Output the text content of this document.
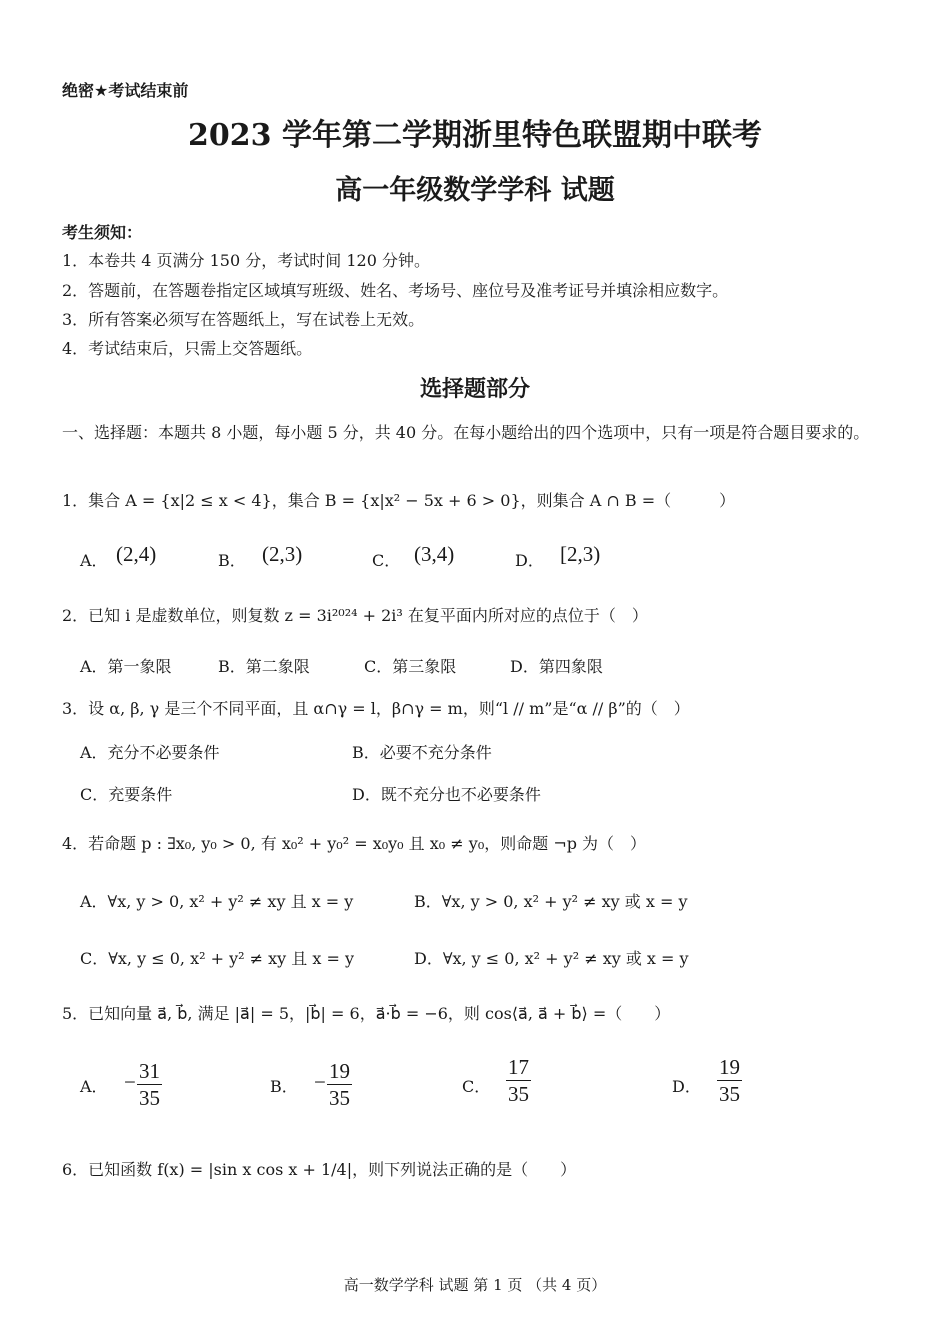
绝密★考试结束前
2023 学年第二学期浙里特色联盟期中联考
高一年级数学学科 试题
考生须知：
1．本卷共 4 页满分 150 分，考试时间 120 分钟。
2．答题前，在答题卷指定区域填写班级、姓名、考场号、座位号及准考证号并填涂相应数字。
3．所有答案必须写在答题纸上，写在试卷上无效。
4．考试结束后，只需上交答题纸。
选择题部分
一、选择题：本题共 8 小题，每小题 5 分，共 40 分。在每小题给出的四个选项中，只有一项是符合题目要求的。
1．集合 A = {x|2 ≤ x < 4}，集合 B = {x|x² − 5x + 6 > 0}，则集合 A ∩ B =（　　　）
A． (2,4)	B． (2,3)	C． (3,4)	D． [2,3)
2．已知 i 是虚数单位，则复数 z = 3i²⁰²⁴ + 2i³ 在复平面内所对应的点位于（　）
A．第一象限	B．第二象限	C．第三象限	D．第四象限
3．设 α, β, γ 是三个不同平面，且 α∩γ = l，β∩γ = m，则“l // m”是“α // β”的（　）
A．充分不必要条件	B．必要不充分条件
C．充要条件	D．既不充分也不必要条件
4．若命题 p : ∃x₀, y₀ > 0, 有 x₀² + y₀² = x₀y₀ 且 x₀ ≠ y₀，则命题 ¬p 为（　）
A．∀x, y > 0, x² + y² ≠ xy 且 x = y	B．∀x, y > 0, x² + y² ≠ xy 或 x = y
C．∀x, y ≤ 0, x² + y² ≠ xy 且 x = y	D．∀x, y ≤ 0, x² + y² ≠ xy 或 x = y
5．已知向量 a⃗, b⃗, 满足 |a⃗| = 5，|b⃗| = 6，a⃗·b⃗ = −6，则 cos⟨a⃗, a⃗ + b⃗⟩ =（　　）
A． − $\frac{31}{35}$	B． − $\frac{19}{35}$	C． $\frac{17}{35}$	D． $\frac{19}{35}$
6．已知函数 f(x) = |sin x cos x + 1/4|，则下列说法正确的是（　　）
高一数学学科 试题 第 1 页 （共 4 页）
